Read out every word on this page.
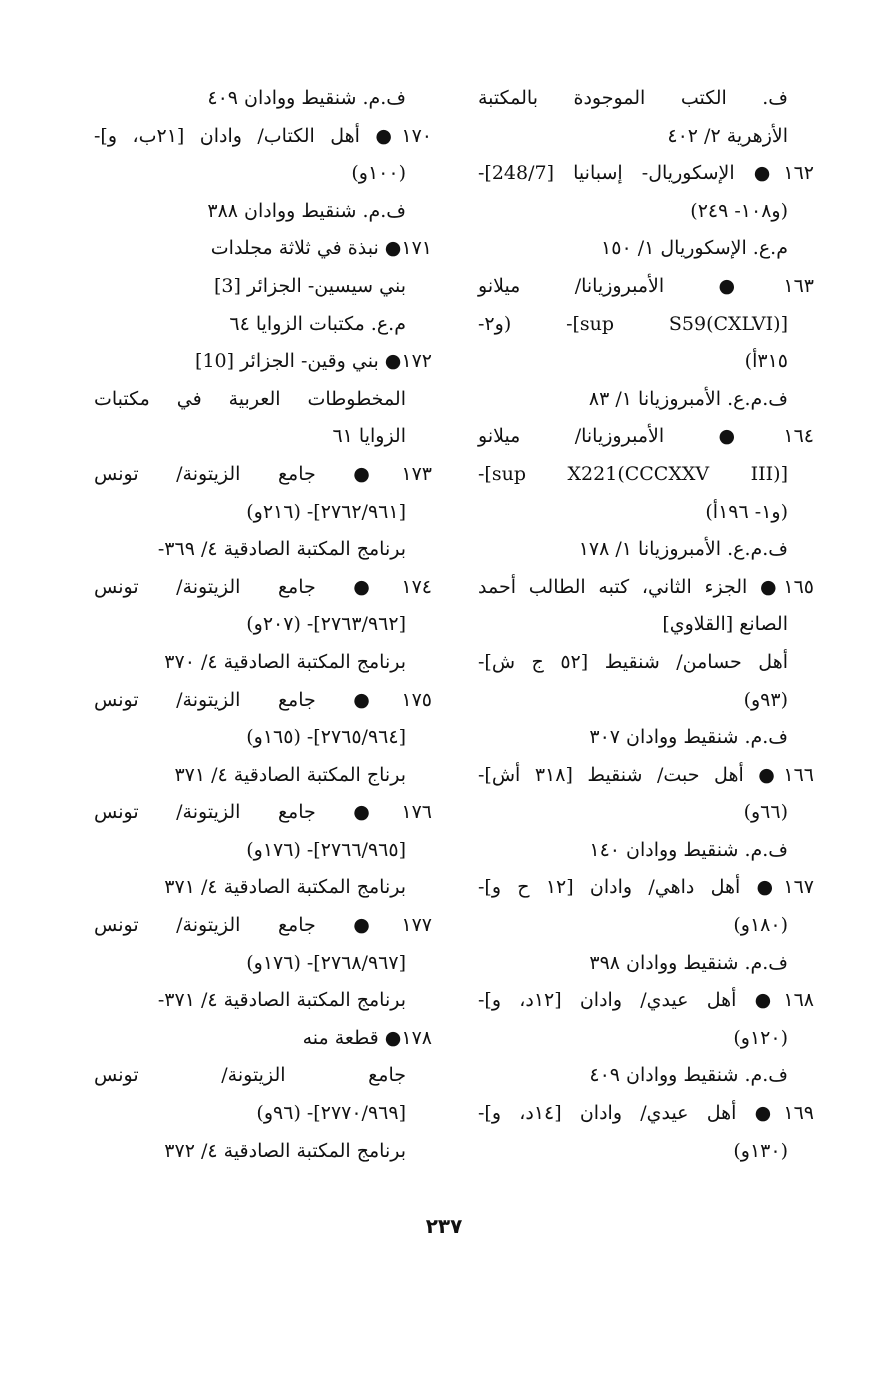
ف. الكتب الموجودة بالمكتبة
الأزهرية ٢/ ٤٠٢
١٦٢● الإسكوريال- إسبانيا [248/7]-
(و١٠٨- ٢٤٩)
م.ع. الإسكوريال ١/ ١٥٠
١٦٣● الأمبروزيانا/ ميلانو
[sup S59(CXLVI)]- (و٢-
٣١٥أ)
ف.م.ع. الأمبروزيانا ١/ ٨٣
١٦٤● الأمبروزيانا/ ميلانو
[sup X221(CCCXXV III)]-
(و١- ١٩٦أ)
ف.م.ع. الأمبروزيانا ١/ ١٧٨
١٦٥● الجزء الثاني، كتبه الطالب أحمد
الصانع [القلاوي]
أهل حسامن/ شنقيط [٥٢ ج ش]-
(٩٣و)
ف.م. شنقيط ووادان ٣٠٧
١٦٦● أهل حبت/ شنقيط [٣١٨ أش]-
(٦٦و)
ف.م. شنقيط ووادان ١٤٠
١٦٧● أهل داهي/ وادان [١٢ ح و]-
(١٨٠و)
ف.م. شنقيط ووادان ٣٩٨
١٦٨● أهل عيدي/ وادان [١٢د، و]-
(١٢٠و)
ف.م. شنقيط ووادان ٤٠٩
١٦٩● أهل عيدي/ وادان [١٤د، و]-
(١٣٠و)
ف.م. شنقيط ووادان ٤٠٩
١٧٠● أهل الكتاب/ وادان [٢١ب، و]-
(١٠٠و)
ف.م. شنقيط ووادان ٣٨٨
١٧١● نبذة في ثلاثة مجلدات
بني سيسين- الجزائر [3]
م.ع. مكتبات الزوايا ٦٤
١٧٢● بني وقين- الجزائر [10]
المخطوطات العربية في مكتبات
الزوايا ٦١
١٧٣● جامع الزيتونة/ تونس
[٢٧٦٢/٩٦١]- (٢١٦و)
برنامج المكتبة الصادقية ٤/ ٣٦٩-
١٧٤● جامع الزيتونة/ تونس
[٢٧٦٣/٩٦٢]- (٢٠٧و)
برنامج المكتبة الصادقية ٤/ ٣٧٠
١٧٥● جامع الزيتونة/ تونس
[٢٧٦٥/٩٦٤]- (١٦٥و)
برناج المكتبة الصادقية ٤/ ٣٧١
١٧٦● جامع الزيتونة/ تونس
[٢٧٦٦/٩٦٥]- (١٧٦و)
برنامج المكتبة الصادقية ٤/ ٣٧١
١٧٧● جامع الزيتونة/ تونس
[٢٧٦٨/٩٦٧]- (١٧٦و)
برنامج المكتبة الصادقية ٤/ ٣٧١-
١٧٨● قطعة منه
جامع الزيتونة/ تونس
[٢٧٧٠/٩٦٩]- (٩٦و)
برنامج المكتبة الصادقية ٤/ ٣٧٢
٢٣٧
